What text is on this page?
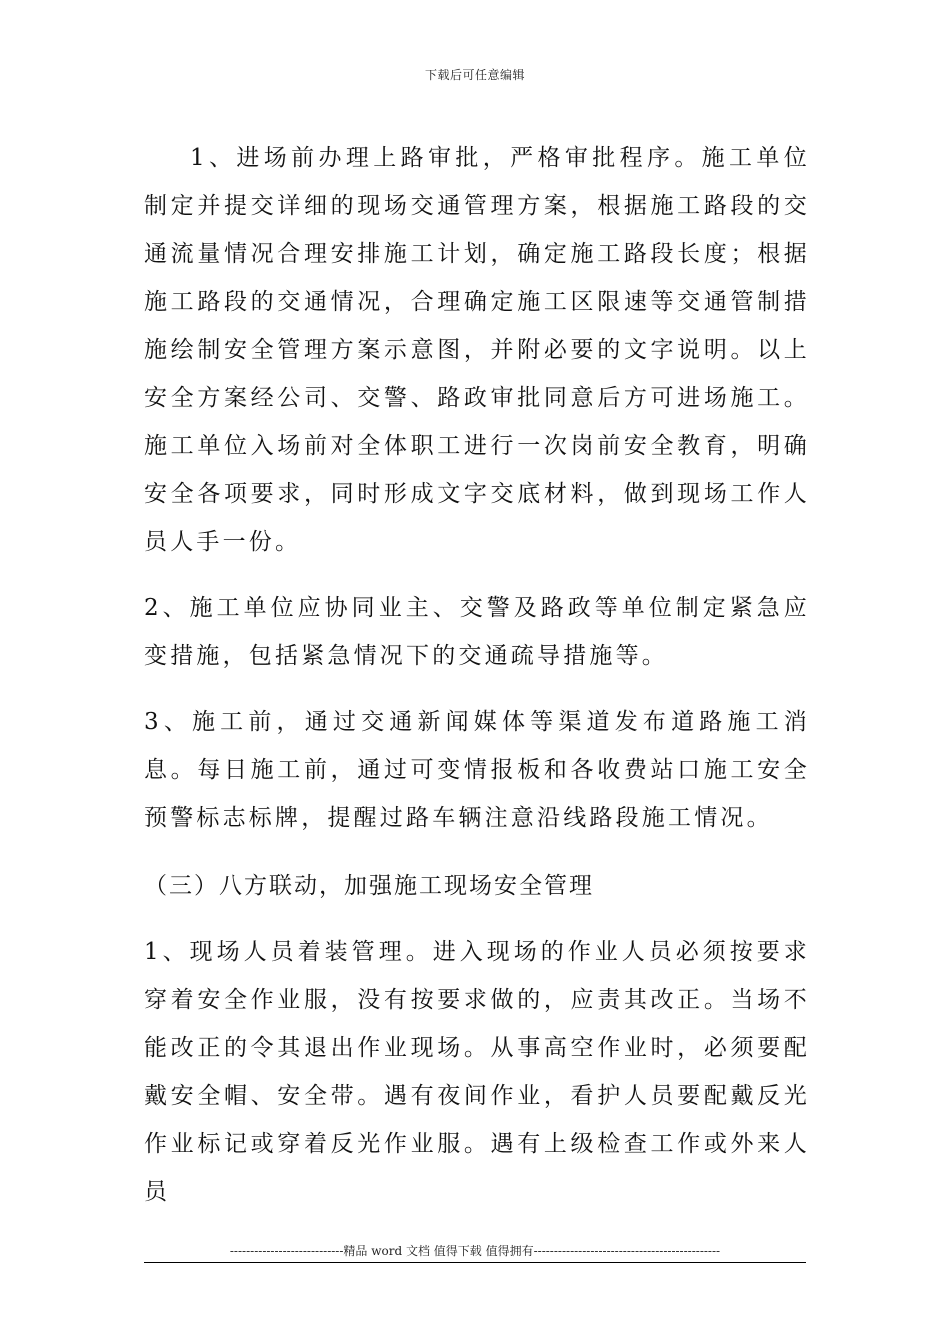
下载后可任意编辑

1、进场前办理上路审批，严格审批程序。施工单位制定并提交详细的现场交通管理方案，根据施工路段的交通流量情况合理安排施工计划，确定施工路段长度；根据施工路段的交通情况，合理确定施工区限速等交通管制措施绘制安全管理方案示意图，并附必要的文字说明。以上安全方案经公司、交警、路政审批同意后方可进场施工。施工单位入场前对全体职工进行一次岗前安全教育，明确安全各项要求，同时形成文字交底材料，做到现场工作人员人手一份。

2、施工单位应协同业主、交警及路政等单位制定紧急应变措施，包括紧急情况下的交通疏导措施等。

3、施工前，通过交通新闻媒体等渠道发布道路施工消息。每日施工前，通过可变情报板和各收费站口施工安全预警标志标牌，提醒过路车辆注意沿线路段施工情况。

（三）八方联动，加强施工现场安全管理

1、现场人员着装管理。进入现场的作业人员必须按要求穿着安全作业服，没有按要求做的，应责其改正。当场不能改正的令其退出作业现场。从事高空作业时，必须要配戴安全帽、安全带。遇有夜间作业，看护人员要配戴反光作业标记或穿着反光作业服。遇有上级检查工作或外来人员

----------------------------精品 word 文档 值得下载 值得拥有----------------------------------------------
